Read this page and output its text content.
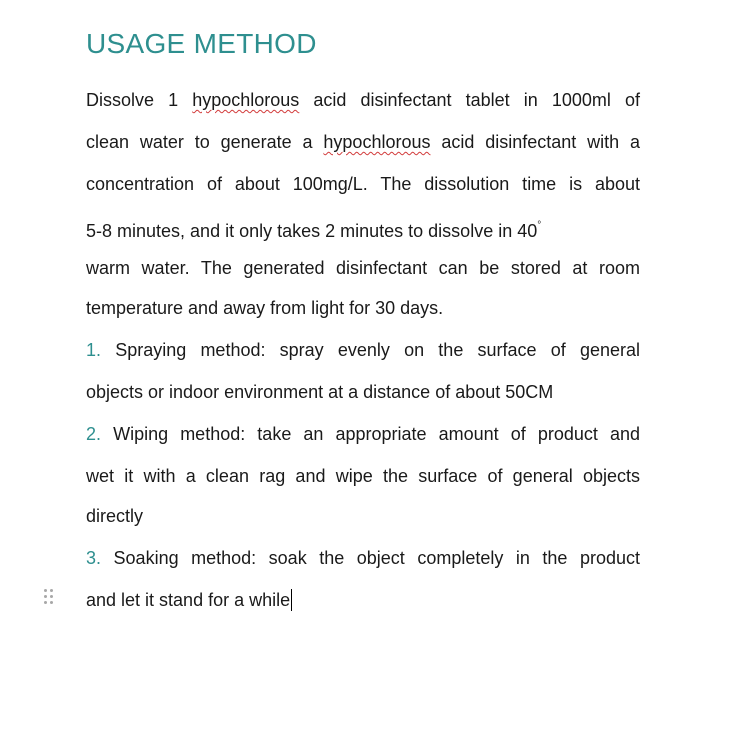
USAGE METHOD
Dissolve 1 hypochlorous acid disinfectant tablet in 1000ml of
clean water to generate a hypochlorous acid disinfectant with a
concentration of about 100mg/L. The dissolution time is about
5-8 minutes, and it only takes 2 minutes to dissolve in 40°
warm water. The generated disinfectant can be stored at room
temperature and away from light for 30 days.
1. Spraying method: spray evenly on the surface of general
objects or indoor environment at a distance of about 50CM
2. Wiping method: take an appropriate amount of product and
wet it with a clean rag and wipe the surface of general objects
directly
3. Soaking method: soak the object completely in the product
and let it stand for a while
